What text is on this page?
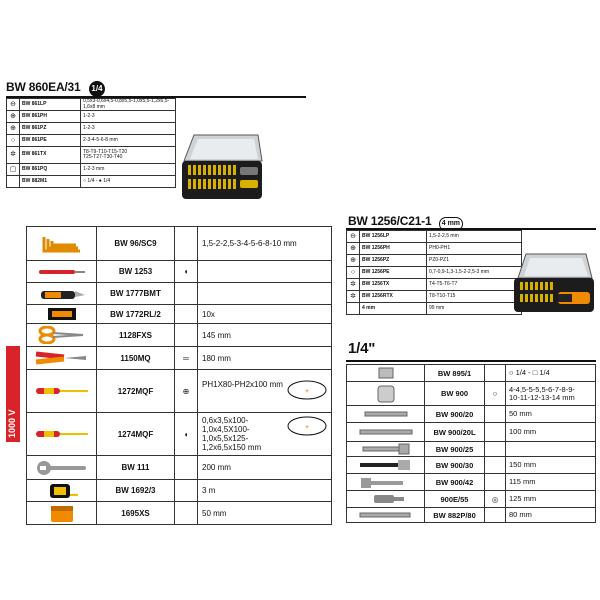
BW 860EA/31 1/4
⊖	BW 861LP	0,5x3-0,6x4,5-0,8x5,5-1,0x5,5-1,2x6,5-1,6x8 mm
⊕	BW 861PH	1-2-3
⊕	BW 861PZ	1-2-3
○	BW 861PE	2-3-4-5-6-8 mm
✲	BW 861TX	T8-T9-T10-T15-T20
T25-T27-T30-T40
▢	BW 861PQ	1-2-3 mm
	BW 882M1	○ 1/4 - ● 1/4
BW 1256/C21-1 4 mm
⊖	BW 1256LP	1,5-2-2,5 mm
⊕	BW 1256PH	PH0-PH1
⊕	BW 1256PZ	PZ0-PZ1
○	BW 1256PE	0,7-0,9-1,3-1,5-2-2,5-3 mm
✲	BW 1256TX	T4-T5-T6-T7
✲	BW 1256RTX	T8-T10-T15
	4 mm	99 mm
1000 V
	BW 96/SC9		1,5-2-2,5-3-4-5-6-8-10 mm

	BW 1253	◖	

	BW 1777BMT		

	BW 1772RL/2		10x

	1128FXS		145 mm

	1150MQ	═	180 mm

	1272MQF	⊕	+
PH1X80-PH2x100 mm

	1274MQF	◖	+
0,6x3,5x100-1,0x4,5X100-
1,0x5,5x125-1,2x6,5x150 mm

	BW 111		200 mm

	BW 1692/3		3 m

	1695XS		50 mm
1/4"
	BW 895/1		○ 1/4 - □ 1/4

	BW 900	○	4-4,5-5-5,5-6-7-8-9-
10-11-12-13-14 mm

	BW 900/20		50 mm

	BW 900/20L		100 mm

	BW 900/25		

	BW 900/30		150 mm

	BW 900/42		115 mm

	900E/55	◎	125 mm

	BW 882P/80		80 mm
